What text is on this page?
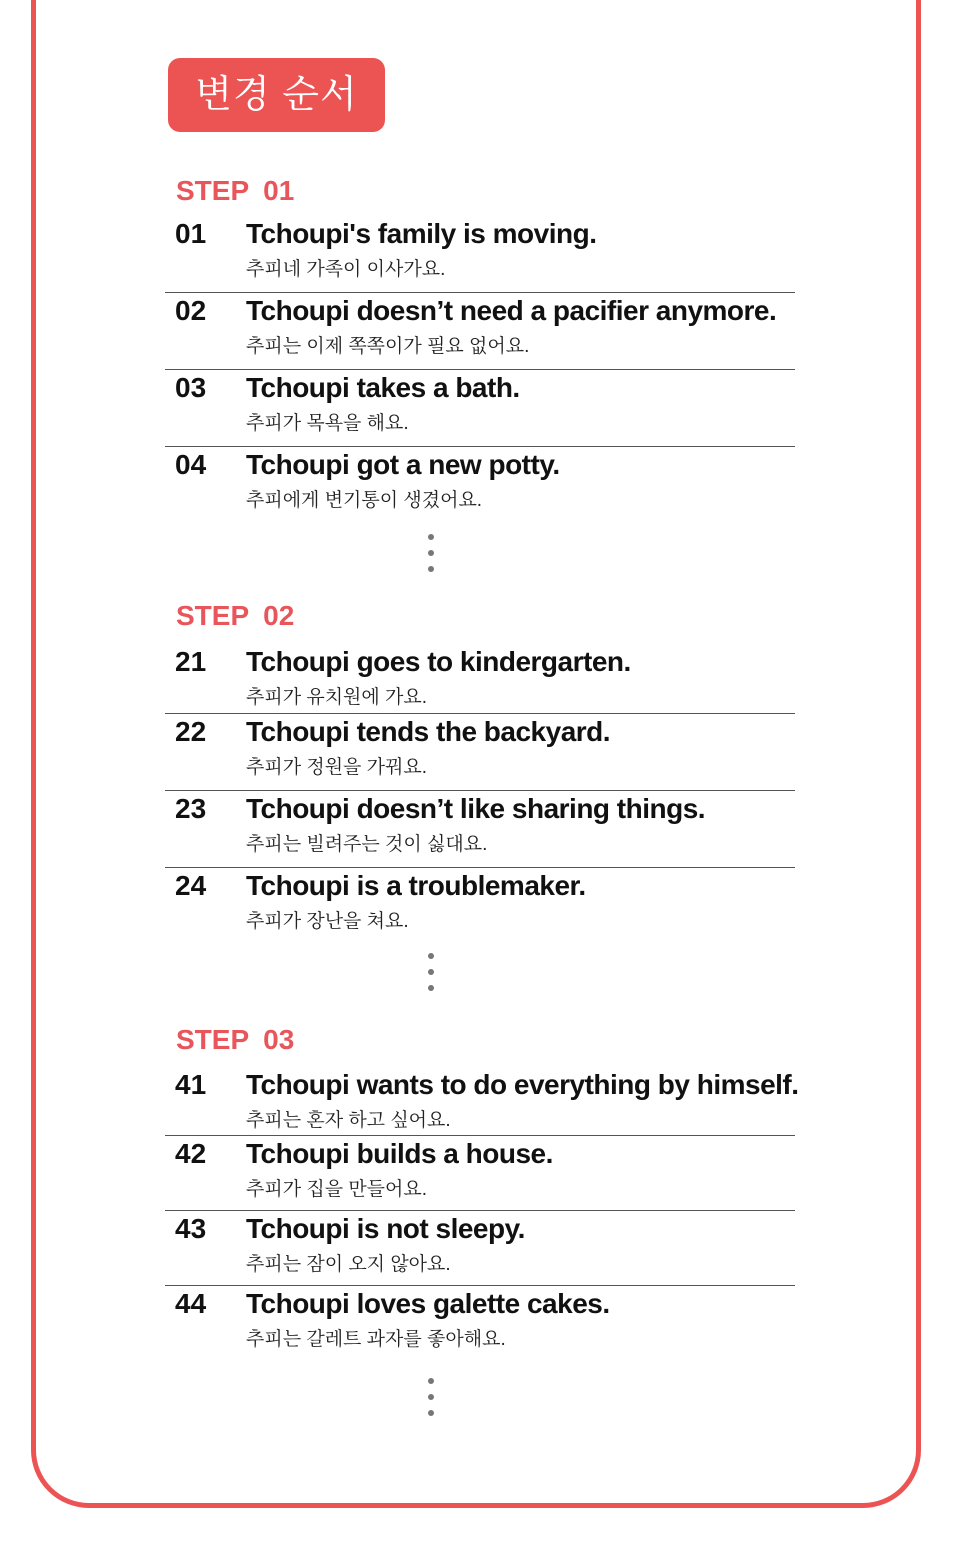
변경 순서
STEP 01
01 Tchoupi's family is moving.
추피네 가족이 이사가요.
02 Tchoupi doesn’t need a pacifier anymore.
추피는 이제 쪽쪽이가 필요 없어요.
03 Tchoupi takes a bath.
추피가 목욕을 해요.
04 Tchoupi got a new potty.
추피에게 변기통이 생겼어요.
STEP 02
21 Tchoupi goes to kindergarten.
추피가 유치원에 가요.
22 Tchoupi tends the backyard.
추피가 정원을 가꿔요.
23 Tchoupi doesn’t like sharing things.
추피는 빌려주는 것이 싫대요.
24 Tchoupi is a troublemaker.
추피가 장난을 쳐요.
STEP 03
41 Tchoupi wants to do everything by himself.
추피는 혼자 하고 싶어요.
42 Tchoupi builds a house.
추피가 집을 만들어요.
43 Tchoupi is not sleepy.
추피는 잠이 오지 않아요.
44 Tchoupi loves galette cakes.
추피는 갈레트 과자를 좋아해요.
